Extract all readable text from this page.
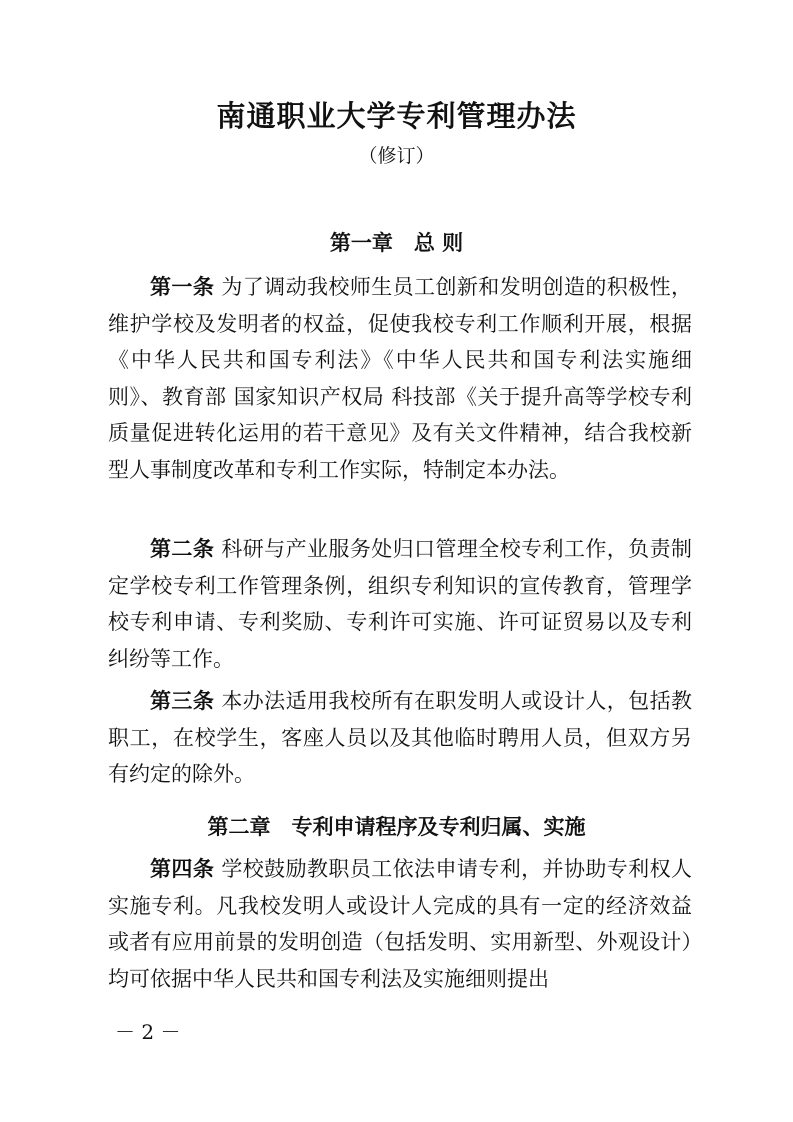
南通职业大学专利管理办法
（修订）
第一章　总 则

第一条 为了调动我校师生员工创新和发明创造的积极性，维护学校及发明者的权益，促使我校专利工作顺利开展，根据《中华人民共和国专利法》《中华人民共和国专利法实施细则》、教育部 国家知识产权局 科技部《关于提升高等学校专利质量促进转化运用的若干意见》及有关文件精神，结合我校新型人事制度改革和专利工作实际，特制定本办法。

第二条 科研与产业服务处归口管理全校专利工作，负责制定学校专利工作管理条例，组织专利知识的宣传教育，管理学校专利申请、专利奖励、专利许可实施、许可证贸易以及专利纠纷等工作。

第三条 本办法适用我校所有在职发明人或设计人，包括教职工，在校学生，客座人员以及其他临时聘用人员，但双方另有约定的除外。

第二章　专利申请程序及专利归属、实施

第四条 学校鼓励教职员工依法申请专利，并协助专利权人实施专利。凡我校发明人或设计人完成的具有一定的经济效益或者有应用前景的发明创造（包括发明、实用新型、外观设计）均可依据中华人民共和国专利法及实施细则提出

－ 2 －
